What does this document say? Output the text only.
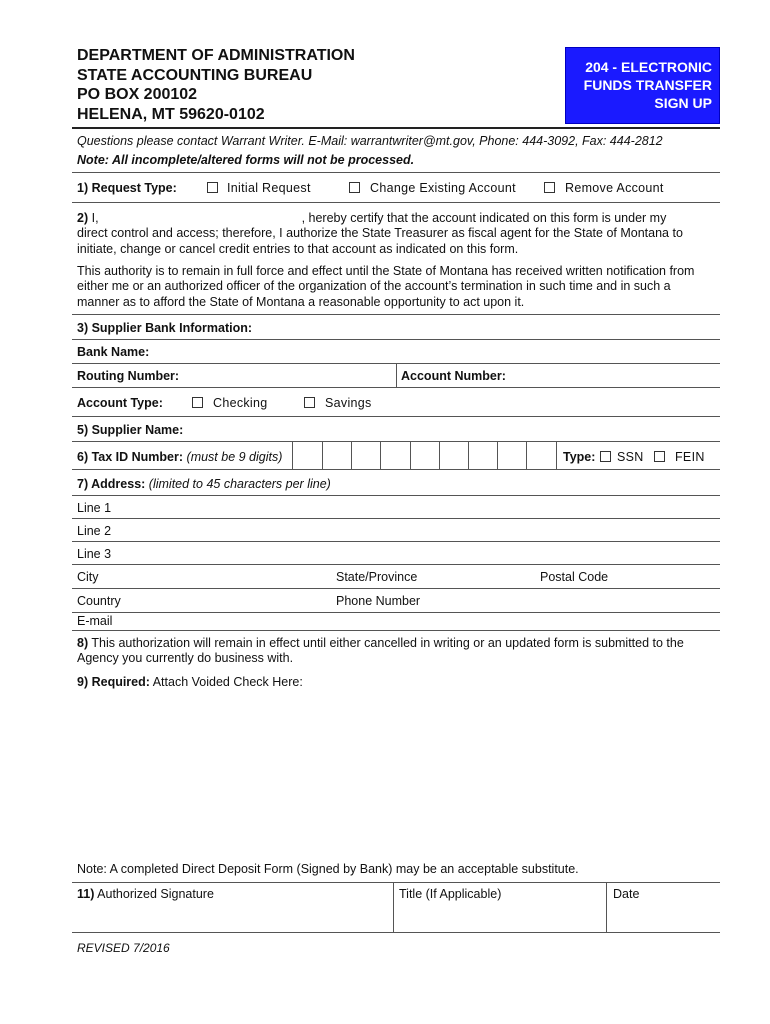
DEPARTMENT OF ADMINISTRATION
STATE ACCOUNTING BUREAU
PO BOX 200102
HELENA, MT 59620-0102
204 - ELECTRONIC
FUNDS TRANSFER
SIGN UP
Questions please contact Warrant Writer. E-Mail: warrantwriter@mt.gov, Phone: 444-3092, Fax: 444-2812
Note: All incomplete/altered forms will not be processed.
1) Request Type:	Initial Request	Change Existing Account	Remove Account
2) I,	, hereby certify that the account indicated on this form is under my
direct control and access; therefore, I authorize the State Treasurer as fiscal agent for the State of Montana to
initiate, change or cancel credit entries to that account as indicated on this form.
This authority is to remain in full force and effect until the State of Montana has received written notification from
either me or an authorized officer of the organization of the account’s termination in such time and in such a
manner as to afford the State of Montana a reasonable opportunity to act upon it.
3) Supplier Bank Information:
Bank Name:
Routing Number:	Account Number:
Account Type:	Checking	Savings
5) Supplier Name:
6) Tax ID Number: (must be 9 digits)	Type: SSN	FEIN
7) Address: (limited to 45 characters per line)
Line 1
Line 2
Line 3
City	State/Province	Postal Code
Country	Phone Number
E-mail
8) This authorization will remain in effect until either cancelled in writing or an updated form is submitted to the
Agency you currently do business with.
9) Required: Attach Voided Check Here:
Note: A completed Direct Deposit Form (Signed by Bank) may be an acceptable substitute.
11) Authorized Signature	Title (If Applicable)	Date
REVISED 7/2016
